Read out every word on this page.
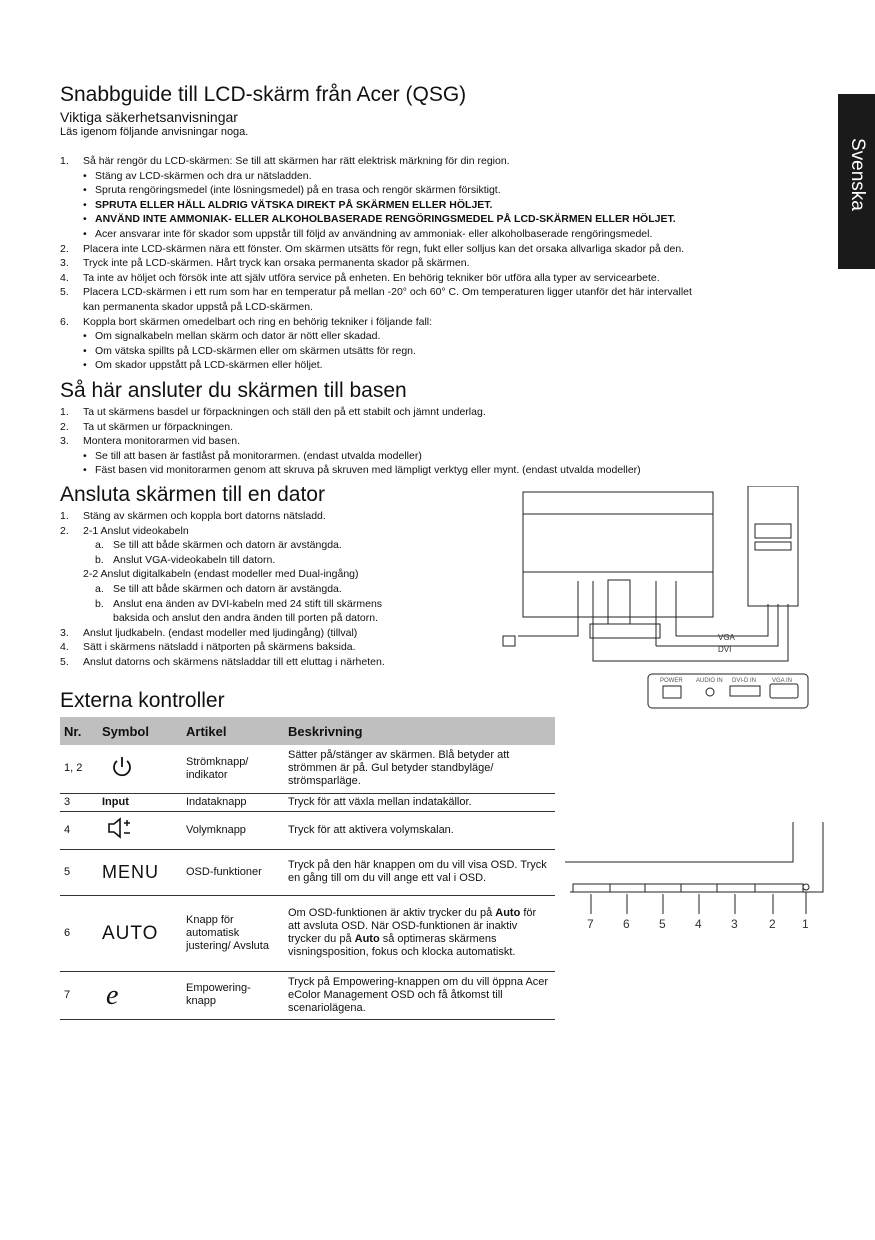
Svenska
Snabbguide till LCD-skärm från Acer (QSG)
Viktiga säkerhetsanvisningar
Läs igenom följande anvisningar noga.
1. Så här rengör du LCD-skärmen: Se till att skärmen har rätt elektrisk märkning för din region.
• Stäng av LCD-skärmen och dra ur nätsladden.
• Spruta rengöringsmedel (inte lösningsmedel) på en trasa och rengör skärmen försiktigt.
• SPRUTA ELLER HÄLL ALDRIG VÄTSKA DIREKT PÅ SKÄRMEN ELLER HÖLJET.
• ANVÄND INTE AMMONIAK- ELLER ALKOHOLBASERADE RENGÖRINGSMEDEL PÅ LCD-SKÄRMEN ELLER HÖLJET.
• Acer ansvarar inte för skador som uppstår till följd av användning av ammoniak- eller alkoholbaserade rengöringsmedel.
2. Placera inte LCD-skärmen nära ett fönster. Om skärmen utsätts för regn, fukt eller solljus kan det orsaka allvarliga skador på den.
3. Tryck inte på LCD-skärmen. Hårt tryck kan orsaka permanenta skador på skärmen.
4. Ta inte av höljet och försök inte att själv utföra service på enheten. En behörig tekniker bör utföra alla typer av servicearbete.
5. Placera LCD-skärmen i ett rum som har en temperatur på mellan -20° och 60° C. Om temperaturen ligger utanför det här intervallet
kan permanenta skador uppstå på LCD-skärmen.
6. Koppla bort skärmen omedelbart och ring en behörig tekniker i följande fall:
• Om signalkabeln mellan skärm och dator är nött eller skadad.
• Om vätska spillts på LCD-skärmen eller om skärmen utsätts för regn.
• Om skador uppstått på LCD-skärmen eller höljet.
Så här ansluter du skärmen till basen
1. Ta ut skärmens basdel ur förpackningen och ställ den på ett stabilt och jämnt underlag.
2. Ta ut skärmen ur förpackningen.
3. Montera monitorarmen vid basen.
• Se till att basen är fastlåst på monitorarmen. (endast utvalda modeller)
• Fäst basen vid monitorarmen genom att skruva på skruven med lämpligt verktyg eller mynt. (endast utvalda modeller)
Ansluta skärmen till en dator
1. Stäng av skärmen och koppla bort datorns nätsladd.
2. 2-1 Anslut videokabeln
a. Se till att både skärmen och datorn är avstängda.
b. Anslut VGA-videokabeln till datorn.
2-2 Anslut digitalkabeln (endast modeller med Dual-ingång)
a. Se till att både skärmen och datorn är avstängda.
b. Anslut ena änden av DVI-kabeln med 24 stift till skärmens
baksida och anslut den andra änden till porten på datorn.
3. Anslut ljudkabeln. (endast modeller med ljudingång) (tillval)
4. Sätt i skärmens nätsladd i nätporten på skärmens baksida.
5. Anslut datorns och skärmens nätsladdar till ett eluttag i närheten.
VGA
DVI
POWER AUDIO IN DVI-D IN	VGA IN
Externa kontroller
Nr.	Symbol	Artikel	Beskrivning
1, 2		Strömknapp/ indikator	Sätter på/stänger av skärmen. Blå betyder att strömmen är på. Gul betyder standbyläge/ strömsparläge.
3	Input	Indataknapp	Tryck för att växla mellan indatakällor.
4		Volymknapp	Tryck för att aktivera volymskalan.
5	MENU	OSD-funktioner	Tryck på den här knappen om du vill visa OSD. Tryck en gång till om du vill ange ett val i OSD.
6	AUTO	Knapp för automatisk justering/ Avsluta	Om OSD-funktionen är aktiv trycker du på Auto för att avsluta OSD. När OSD-funktionen är inaktiv trycker du på Auto så optimeras skärmens visningsposition, fokus och klocka automatiskt.
7	e	Empowering-knapp	Tryck på Empowering-knappen om du vill öppna Acer eColor Management OSD och få åtkomst till scenariolägena.
7 6 5 4 3	2 1
